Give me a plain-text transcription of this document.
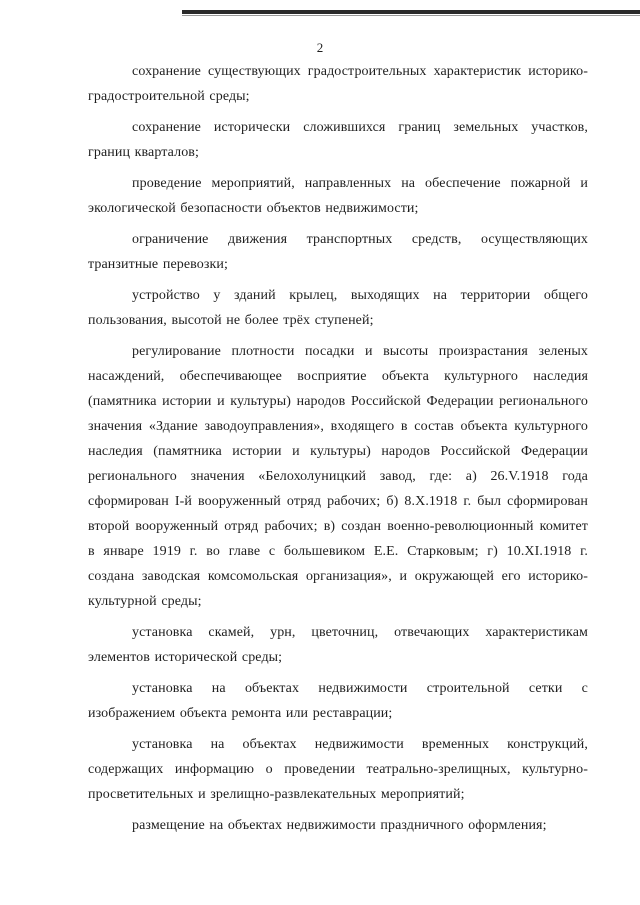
2

сохранение существующих градостроительных характеристик историко-градостроительной среды;

сохранение исторически сложившихся границ земельных участков, границ кварталов;

проведение мероприятий, направленных на обеспечение пожарной и экологической безопасности объектов недвижимости;

ограничение движения транспортных средств, осуществляющих транзитные перевозки;

устройство у зданий крылец, выходящих на территории общего пользования, высотой не более трёх ступеней;

регулирование плотности посадки и высоты произрастания зеленых насаждений, обеспечивающее восприятие объекта культурного наследия (памятника истории и культуры) народов Российской Федерации регионального значения «Здание заводоуправления», входящего в состав объекта культурного наследия (памятника истории и культуры) народов Российской Федерации регионального значения «Белохолуницкий завод, где: а) 26.V.1918 года сформирован I-й вооруженный отряд рабочих; б) 8.X.1918 г. был сформирован второй вооруженный отряд рабочих; в) создан военно-революционный комитет в январе 1919 г. во главе с большевиком Е.Е. Старковым; г) 10.XI.1918 г. создана заводская комсомольская организация», и окружающей его историко-культурной среды;

установка скамей, урн, цветочниц, отвечающих характеристикам элементов исторической среды;

установка на объектах недвижимости строительной сетки с изображением объекта ремонта или реставрации;

установка на объектах недвижимости временных конструкций, содержащих информацию о проведении театрально-зрелищных, культурно-просветительных и зрелищно-развлекательных мероприятий;

размещение на объектах недвижимости праздничного оформления;
